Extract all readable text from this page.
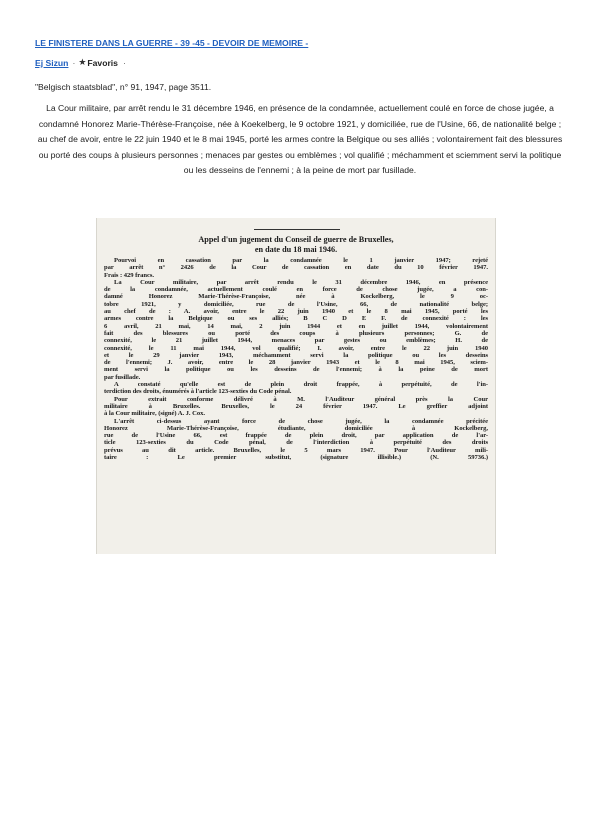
LE FINISTERE DANS LA GUERRE - 39 -45 - DEVOIR DE MEMOIRE -
Ej Sizun · ★ Favoris ·
"Belgisch staatsblad", n° 91, 1947, page 3511.
La Cour militaire, par arrêt rendu le 31 décembre 1946, en présence de la condamnée, actuellement coulé en force de chose jugée, a condamné Honorez Marie-Thérèse-Françoise, née à Koekelberg, le 9 octobre 1921, y domiciliée, rue de l'Usine, 66, de nationalité belge ; au chef de avoir, entre le 22 juin 1940 et le 8 mai 1945, porté les armes contre la Belgique ou ses alliés ; volontairement fait des blessures ou porté des coups à plusieurs personnes ; menaces par gestes ou emblèmes ; vol qualifié ; méchamment et sciemment servi la politique ou les desseins de l'ennemi ; à la peine de mort par fusillade.
Appel d'un jugement du Conseil de guerre de Bruxelles,
en date du 18 mai 1946.
Pourvoi en cassation par la condamnée le 1 janvier 1947; rejeté
par arrêt n° 2426 de la Cour de cassation en date du 10 février 1947.
Frais : 429 francs.
La Cour militaire, par arrêt rendu le 31 décembre 1946, en présence
de la condamnée, actuellement coulé en force de chose jugée, a con-
damné Honorez Marie-Thérèse-Françoise, née à Kockelberg, le 9 oc-
tobre 1921, y domiciliée, rue de l'Usine, 66, de nationalité belge;
au chef de : A. avoir, entre le 22 juin 1940 et le 8 mai 1945, porté les
armes contre la Belgique ou ses alliés; B C D E F. de connexité : les
6 avril, 21 mai, 14 mai, 2 juin 1944 et en juillet 1944, volontairement
fait des blessures ou porté des coups à plusieurs personnes; G. de
connexité, le 21 juillet 1944, menaces par gestes ou emblèmes; H. de
connexité, le 11 mai 1944, vol qualifié; I. avoir, entre le 22 juin 1940
et le 29 janvier 1943, méchamment servi la politique ou les desseins
de l'ennemi; J. avoir, entre le 28 janvier 1943 et le 8 mai 1945, sciem-
ment servi la politique ou les desseins de l'ennemi; à la peine de mort
par fusillade.
A constaté qu'elle est de plein droit frappée, à perpétuité, de l'in-
terdiction des droits, énumérés à l'article 123-sexties du Code pénal.
Pour extrait conforme délivré à M. l'Auditeur général près la Cour
militaire à Bruxelles. Bruxelles, le 24 février 1947. Le greffier adjoint
à la Cour militaire, (signé) A. J. Cox.
L'arrêt ci-dessus ayant force de chose jugée, la condamnée précitée
Honorez Marie-Thérèse-Françoise, étudiante, domiciliée à Kockelberg,
rue de l'Usine 66, est frappée de plein droit, par application de l'ar-
ticle 123-sexties du Code pénal, de l'interdiction à perpétuité des droits
prévus au dit article. Bruxelles, le 5 mars 1947. Pour l'Auditeur mili-
taire : Le premier substitut, (signature illisible.) (N. 59736.)
